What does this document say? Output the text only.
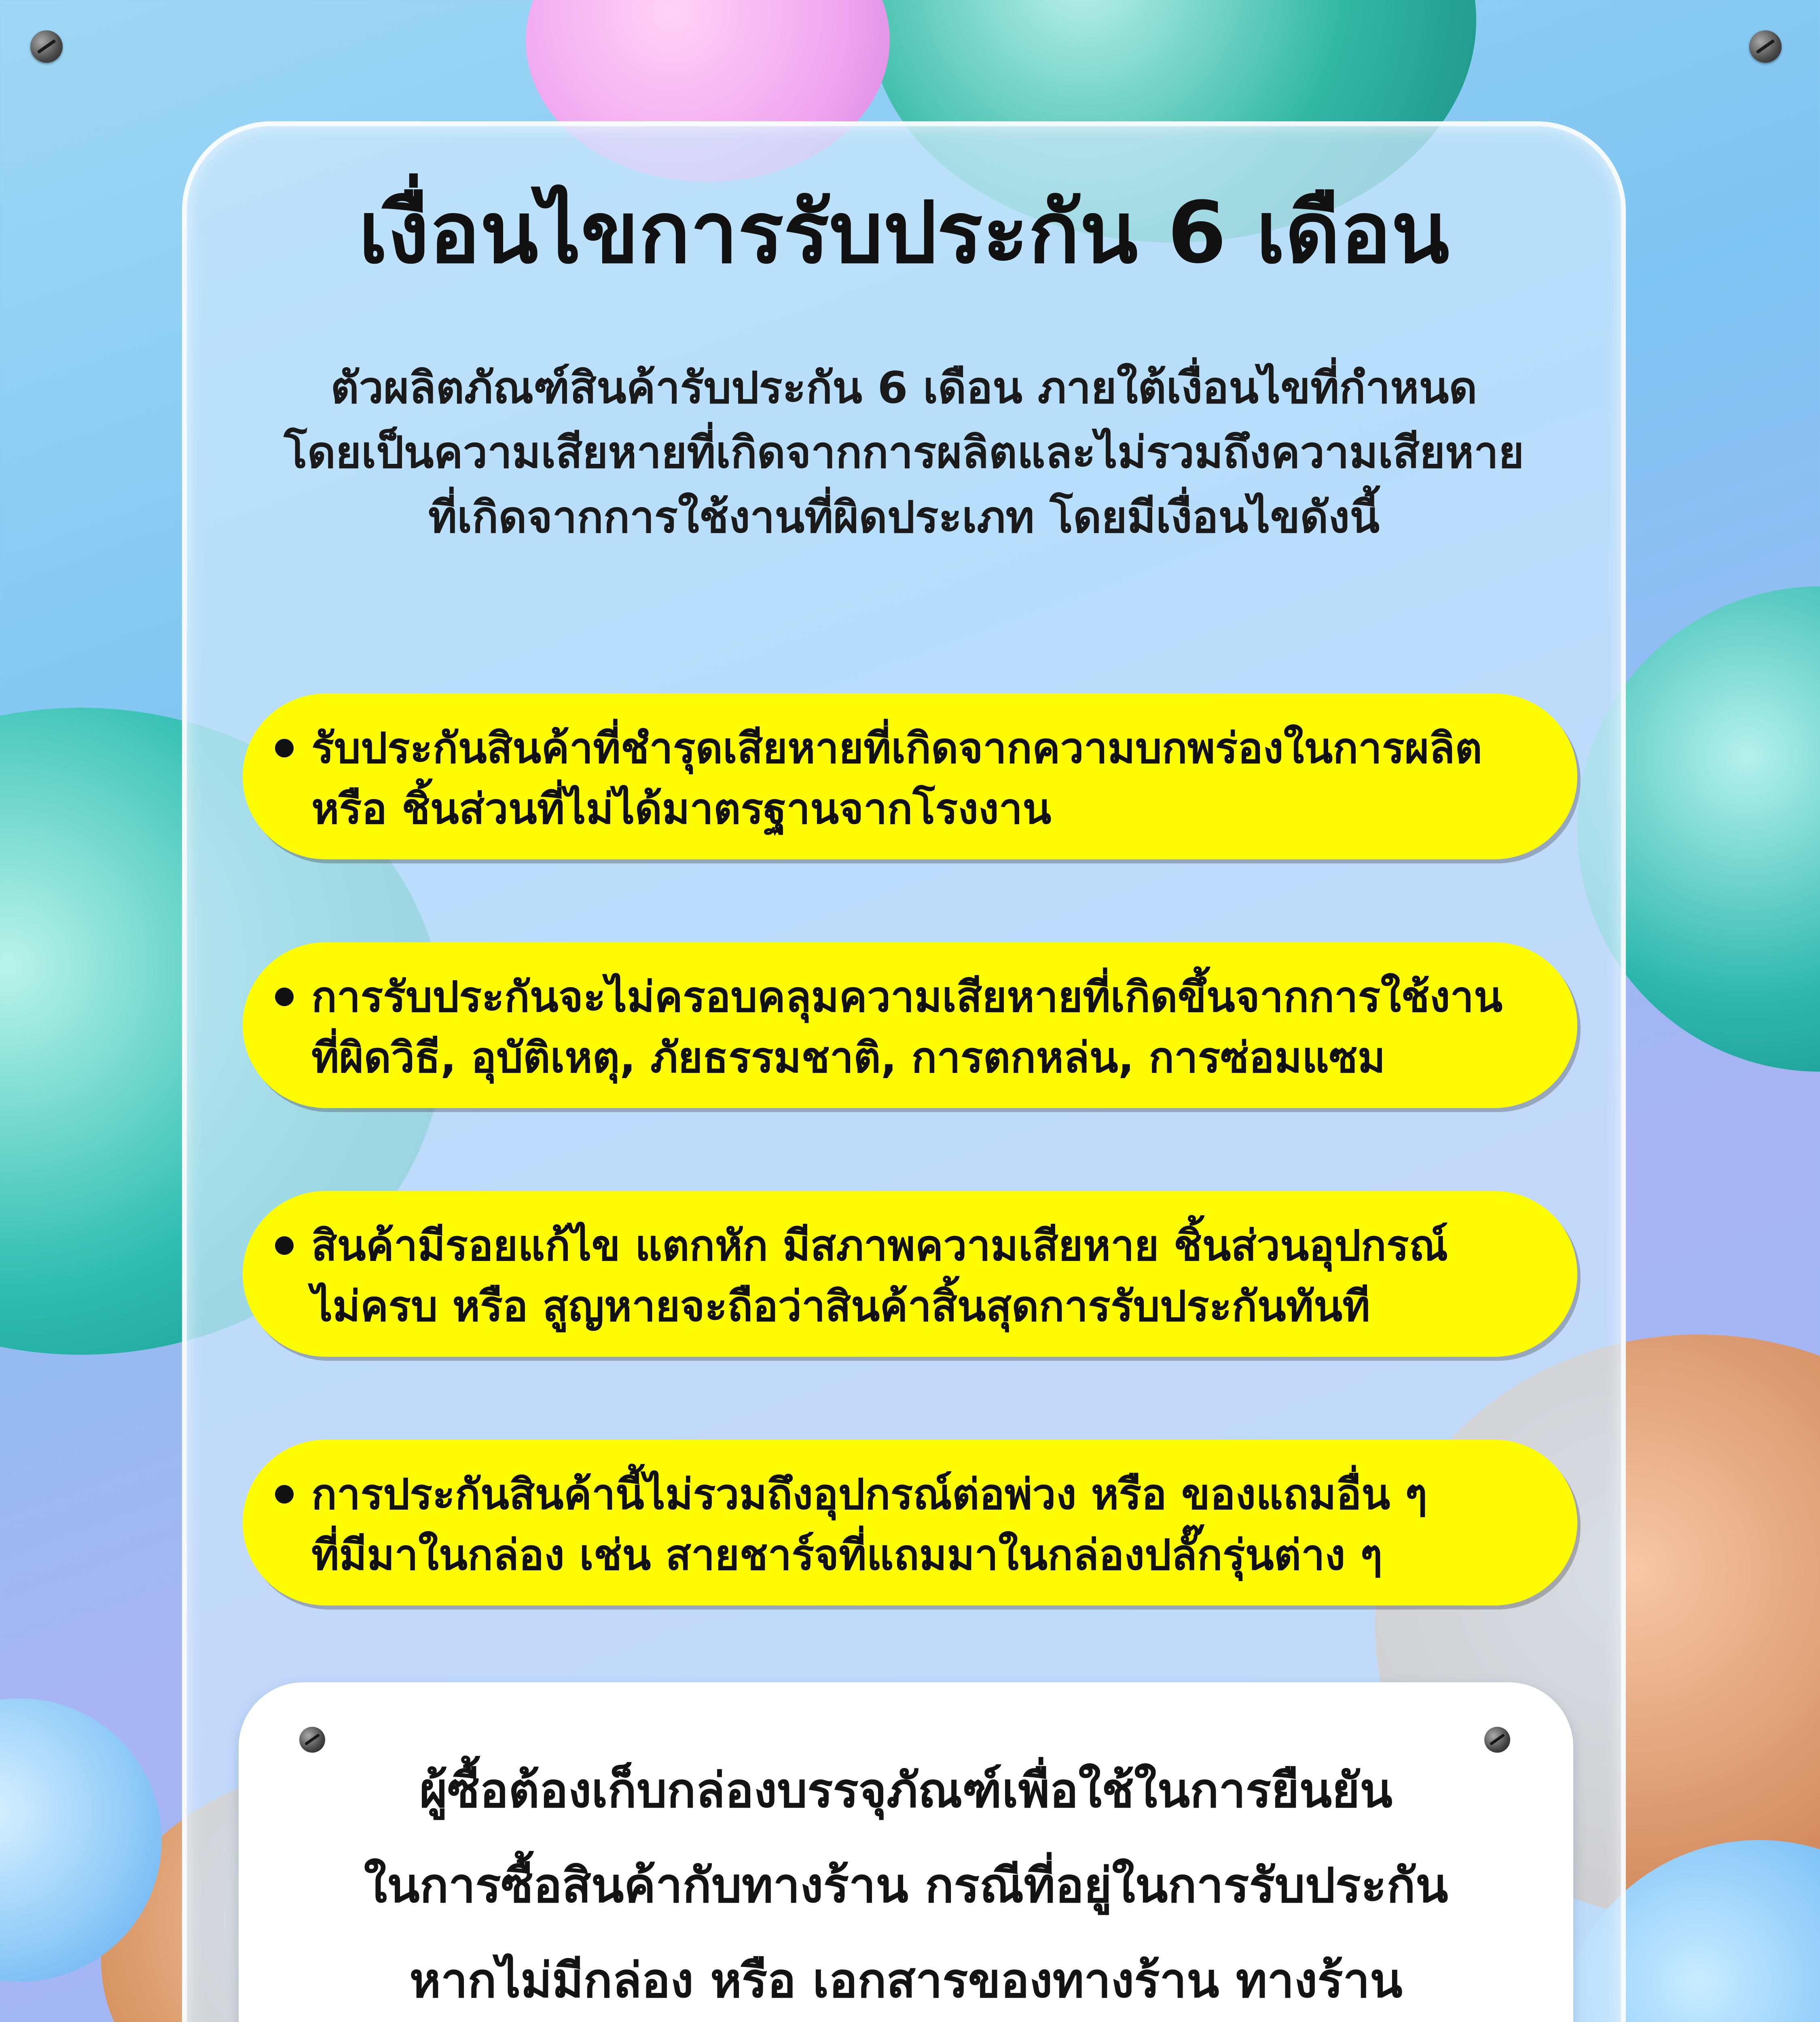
เงื่อนไขการรับประกัน 6 เดือน
ตัวผลิตภัณฑ์สินค้ารับประกัน 6 เดือน ภายใต้เงื่อนไขที่กำหนด
โดยเป็นความเสียหายที่เกิดจากการผลิตและไม่รวมถึงความเสียหาย
ที่เกิดจากการใช้งานที่ผิดประเภท โดยมีเงื่อนไขดังนี้
รับประกันสินค้าที่ชำรุดเสียหายที่เกิดจากความบกพร่องในการผลิต
หรือ ชิ้นส่วนที่ไม่ได้มาตรฐานจากโรงงาน
การรับประกันจะไม่ครอบคลุมความเสียหายที่เกิดขึ้นจากการใช้งาน
ที่ผิดวิธี, อุบัติเหตุ, ภัยธรรมชาติ, การตกหล่น, การซ่อมแซม
สินค้ามีรอยแก้ไข แตกหัก มีสภาพความเสียหาย ชิ้นส่วนอุปกรณ์
ไม่ครบ หรือ สูญหายจะถือว่าสินค้าสิ้นสุดการรับประกันทันที
การประกันสินค้านี้ไม่รวมถึงอุปกรณ์ต่อพ่วง หรือ ของแถมอื่น ๆ
ที่มีมาในกล่อง เช่น สายชาร์จที่แถมมาในกล่องปลั๊กรุ่นต่าง ๆ
ผู้ซื้อต้องเก็บกล่องบรรจุภัณฑ์เพื่อใช้ในการยืนยัน
ในการซื้อสินค้ากับทางร้าน กรณีที่อยู่ในการรับประกัน
หากไม่มีกล่อง หรือ เอกสารของทางร้าน ทางร้าน
